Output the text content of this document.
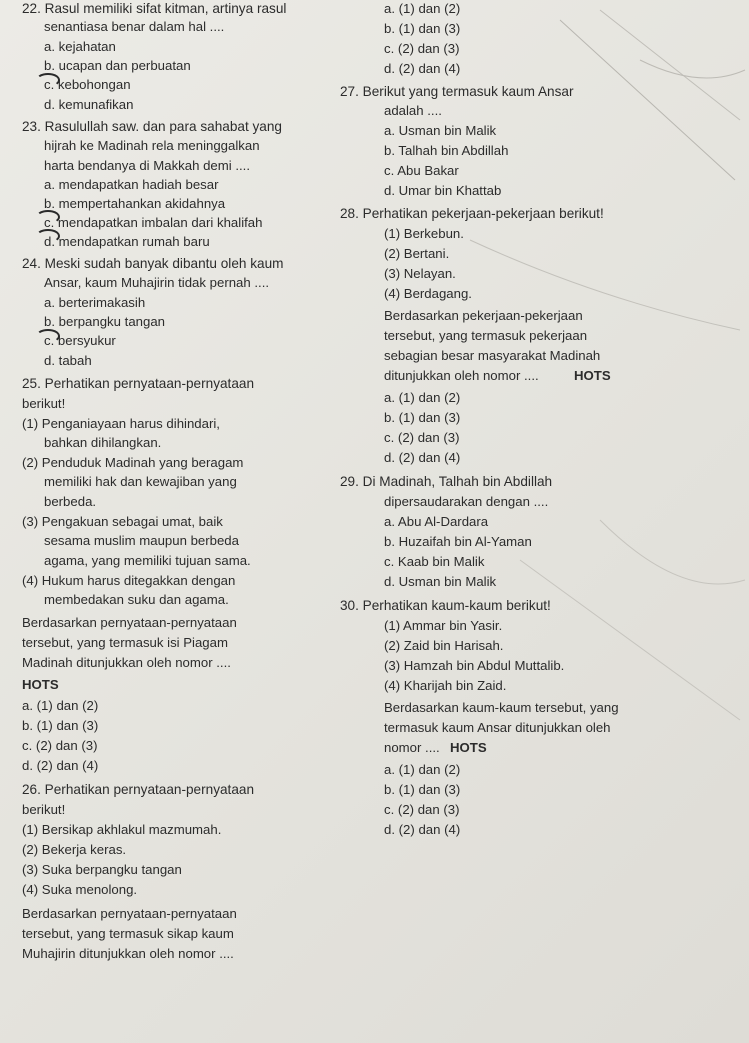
22. Rasul memiliki sifat kitman, artinya rasul
senantiasa benar dalam hal ....
a. kejahatan
b. ucapan dan perbuatan
c. kebohongan
d. kemunafikan
23. Rasulullah saw. dan para sahabat yang
hijrah ke Madinah rela meninggalkan
harta bendanya di Makkah demi ....
a. mendapatkan hadiah besar
b. mempertahankan akidahnya
c. mendapatkan imbalan dari khalifah
d. mendapatkan rumah baru
24. Meski sudah banyak dibantu oleh kaum
Ansar, kaum Muhajirin tidak pernah ....
a. berterimakasih
b. berpangku tangan
c. bersyukur
d. tabah
25. Perhatikan pernyataan-pernyataan
berikut!
(1) Penganiayaan harus dihindari,
bahkan dihilangkan.
(2) Penduduk Madinah yang beragam
memiliki hak dan kewajiban yang
berbeda.
(3) Pengakuan sebagai umat, baik
sesama muslim maupun berbeda
agama, yang memiliki tujuan sama.
(4) Hukum harus ditegakkan dengan
membedakan suku dan agama.
Berdasarkan pernyataan-pernyataan
tersebut, yang termasuk isi Piagam
Madinah ditunjukkan oleh nomor ....
HOTS
a. (1) dan (2)
b. (1) dan (3)
c. (2) dan (3)
d. (2) dan (4)
26. Perhatikan pernyataan-pernyataan
berikut!
(1) Bersikap akhlakul mazmumah.
(2) Bekerja keras.
(3) Suka berpangku tangan
(4) Suka menolong.
Berdasarkan pernyataan-pernyataan
tersebut, yang termasuk sikap kaum
Muhajirin ditunjukkan oleh nomor ....
a. (1) dan (2)
b. (1) dan (3)
c. (2) dan (3)
d. (2) dan (4)
27. Berikut yang termasuk kaum Ansar
adalah ....
a. Usman bin Malik
b. Talhah bin Abdillah
c. Abu Bakar
d. Umar bin Khattab
28. Perhatikan pekerjaan-pekerjaan berikut!
(1) Berkebun.
(2) Bertani.
(3) Nelayan.
(4) Berdagang.
Berdasarkan pekerjaan-pekerjaan
tersebut, yang termasuk pekerjaan
sebagian besar masyarakat Madinah
ditunjukkan oleh nomor ....	HOTS
a. (1) dan (2)
b. (1) dan (3)
c. (2) dan (3)
d. (2) dan (4)
29. Di Madinah, Talhah bin Abdillah
dipersaudarakan dengan ....
a. Abu Al-Dardara
b. Huzaifah bin Al-Yaman
c. Kaab bin Malik
d. Usman bin Malik
30. Perhatikan kaum-kaum berikut!
(1) Ammar bin Yasir.
(2) Zaid bin Harisah.
(3) Hamzah bin Abdul Muttalib.
(4) Kharijah bin Zaid.
Berdasarkan kaum-kaum tersebut, yang
termasuk kaum Ansar ditunjukkan oleh
nomor .... HOTS
a. (1) dan (2)
b. (1) dan (3)
c. (2) dan (3)
d. (2) dan (4)
